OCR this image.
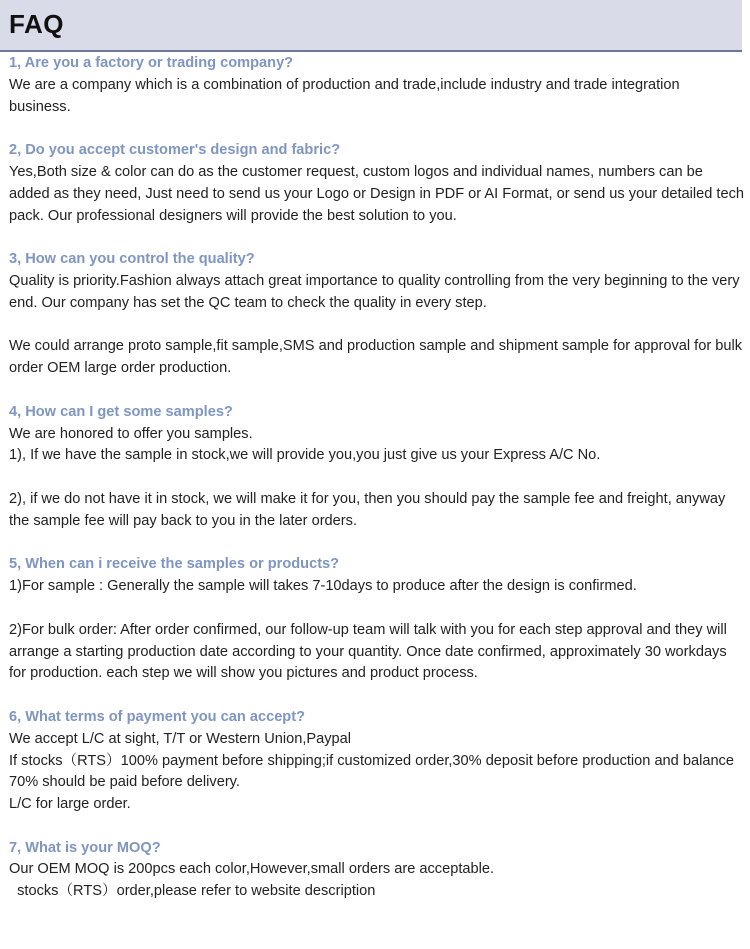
FAQ

1, Are you a factory or trading company?

We are a company which is a combination of production and trade,include industry and trade integration business.

2, Do you accept customer's design and fabric?

Yes,Both size & color can do as the customer request, custom logos and individual names, numbers can be added as they need, Just need to send us your Logo or Design in PDF or AI Format, or send us your detailed tech pack. Our professional designers will provide the best solution to you.

3, How can you control the quality?

Quality is priority.Fashion always attach great importance to quality controlling from the very beginning to the very end. Our company has set the QC team to check the quality in every step.

We could arrange proto sample,fit sample,SMS and production sample and shipment sample for approval for bulk order OEM large order production.

4, How can I get some samples?

We are honored to offer you samples.

1), If we have the sample in stock,we will provide you,you just give us your Express A/C No.

2), if we do not have it in stock, we will make it for you, then you should pay the sample fee and freight, anyway the sample fee will pay back to you in the later orders.

5, When can i receive the samples or products?

1)For sample : Generally the sample will takes 7-10days to produce after the design is confirmed.

2)For bulk order: After order confirmed, our follow-up team will talk with you for each step approval and they will arrange a starting production date according to your quantity. Once date confirmed, approximately 30 workdays for production. each step we will show you pictures and product process.

6, What terms of payment you can accept?

We accept L/C at sight, T/T or Western Union,Paypal

If stocks（RTS）100% payment before shipping;if customized order,30% deposit before production and balance 70% should be paid before delivery.

L/C for large order.

7, What is your MOQ?

Our OEM MOQ is 200pcs each color,However,small orders are acceptable.

stocks（RTS）order,please refer to website description
